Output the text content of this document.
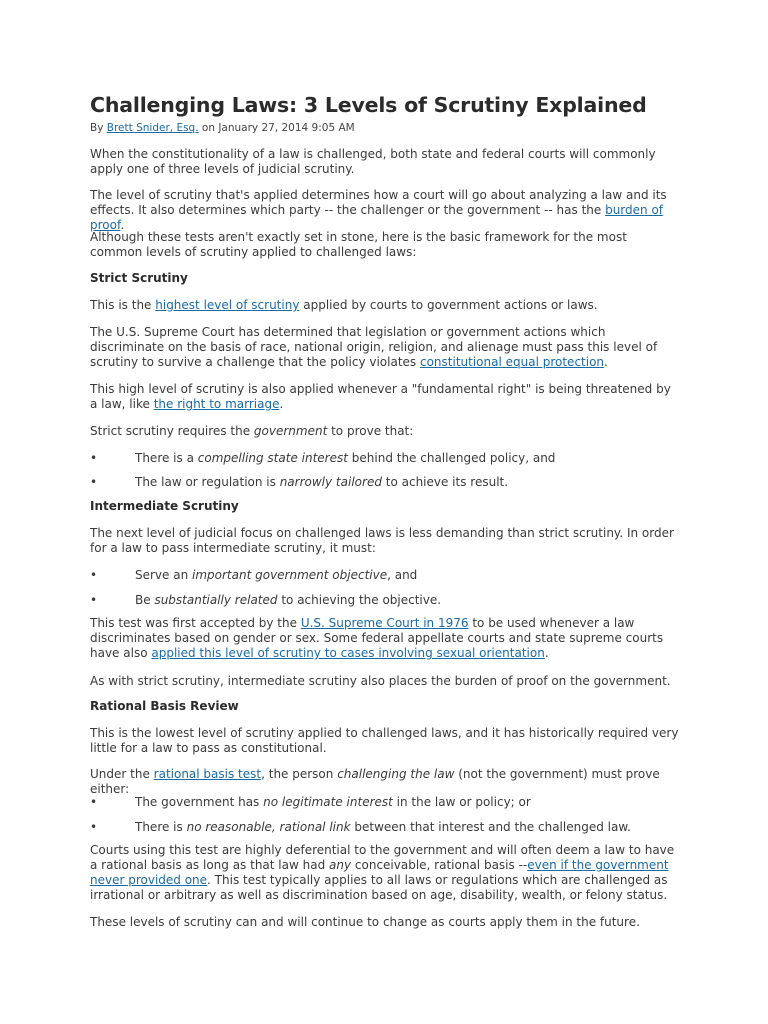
Challenging Laws: 3 Levels of Scrutiny Explained
By Brett Snider, Esq. on January 27, 2014 9:05 AM

When the constitutionality of a law is challenged, both state and federal courts will commonly apply one of three levels of judicial scrutiny.

The level of scrutiny that's applied determines how a court will go about analyzing a law and its effects. It also determines which party -- the challenger or the government -- has the burden of proof.

Although these tests aren't exactly set in stone, here is the basic framework for the most common levels of scrutiny applied to challenged laws:

Strict Scrutiny

This is the highest level of scrutiny applied by courts to government actions or laws.

The U.S. Supreme Court has determined that legislation or government actions which discriminate on the basis of race, national origin, religion, and alienage must pass this level of scrutiny to survive a challenge that the policy violates constitutional equal protection.

This high level of scrutiny is also applied whenever a "fundamental right" is being threatened by a law, like the right to marriage.

Strict scrutiny requires the government to prove that:

•	There is a compelling state interest behind the challenged policy, and
•	The law or regulation is narrowly tailored to achieve its result.
Intermediate Scrutiny

The next level of judicial focus on challenged laws is less demanding than strict scrutiny. In order for a law to pass intermediate scrutiny, it must:

•	Serve an important government objective, and
•	Be substantially related to achieving the objective.

This test was first accepted by the U.S. Supreme Court in 1976 to be used whenever a law discriminates based on gender or sex. Some federal appellate courts and state supreme courts have also applied this level of scrutiny to cases involving sexual orientation.

As with strict scrutiny, intermediate scrutiny also places the burden of proof on the government.

Rational Basis Review

This is the lowest level of scrutiny applied to challenged laws, and it has historically required very little for a law to pass as constitutional.

Under the rational basis test, the person challenging the law (not the government) must prove either:

•	The government has no legitimate interest in the law or policy; or
•	There is no reasonable, rational link between that interest and the challenged law.

Courts using this test are highly deferential to the government and will often deem a law to have a rational basis as long as that law had any conceivable, rational basis --even if the government never provided one. This test typically applies to all laws or regulations which are challenged as irrational or arbitrary as well as discrimination based on age, disability, wealth, or felony status.

These levels of scrutiny can and will continue to change as courts apply them in the future.
